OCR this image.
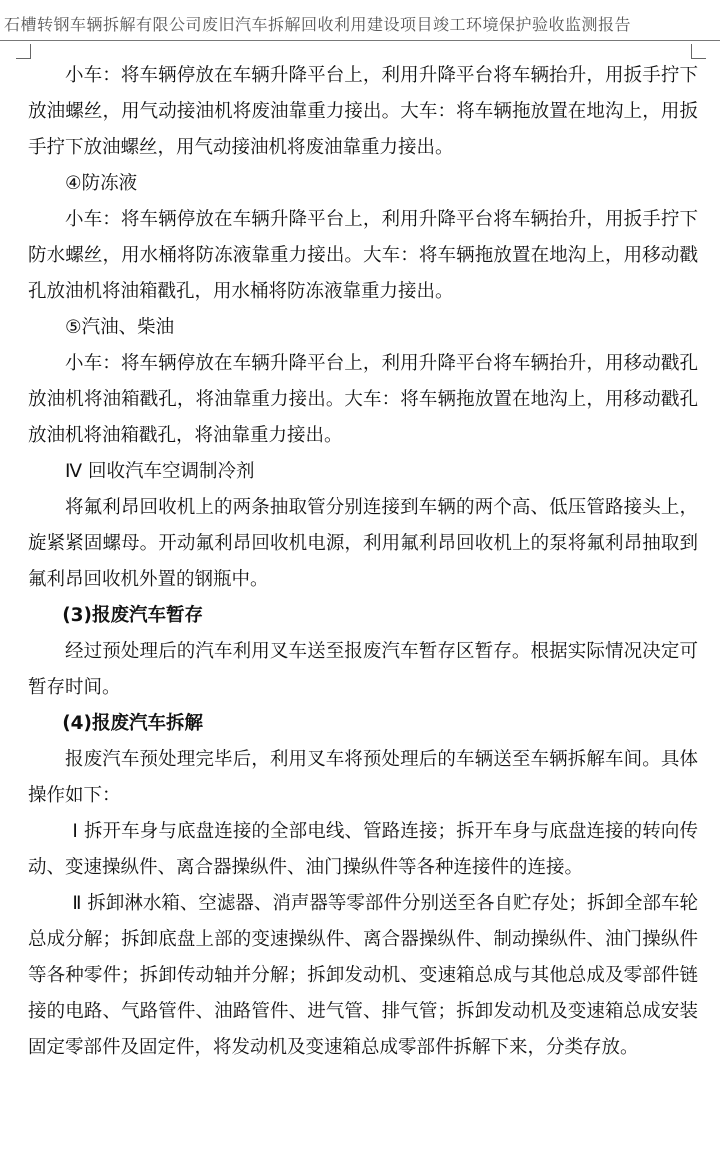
石槽转钢车辆拆解有限公司废旧汽车拆解回收利用建设项目竣工环境保护验收监测报告

小车：将车辆停放在车辆升降平台上，利用升降平台将车辆抬升，用扳手拧下放油螺丝，用气动接油机将废油靠重力接出。大车：将车辆拖放置在地沟上，用扳手拧下放油螺丝，用气动接油机将废油靠重力接出。

④防冻液

小车：将车辆停放在车辆升降平台上，利用升降平台将车辆抬升，用扳手拧下防水螺丝，用水桶将防冻液靠重力接出。大车：将车辆拖放置在地沟上，用移动戳孔放油机将油箱戳孔，用水桶将防冻液靠重力接出。

⑤汽油、柴油

小车：将车辆停放在车辆升降平台上，利用升降平台将车辆抬升，用移动戳孔放油机将油箱戳孔，将油靠重力接出。大车：将车辆拖放置在地沟上，用移动戳孔放油机将油箱戳孔，将油靠重力接出。

Ⅳ 回收汽车空调制冷剂

将氟利昂回收机上的两条抽取管分别连接到车辆的两个高、低压管路接头上，旋紧紧固螺母。开动氟利昂回收机电源，利用氟利昂回收机上的泵将氟利昂抽取到氟利昂回收机外置的钢瓶中。

(3)报废汽车暂存

经过预处理后的汽车利用叉车送至报废汽车暂存区暂存。根据实际情况决定可暂存时间。

(4)报废汽车拆解

报废汽车预处理完毕后，利用叉车将预处理后的车辆送至车辆拆解车间。具体操作如下：

Ⅰ 拆开车身与底盘连接的全部电线、管路连接；拆开车身与底盘连接的转向传动、变速操纵件、离合器操纵件、油门操纵件等各种连接件的连接。

Ⅱ 拆卸淋水箱、空滤器、消声器等零部件分别送至各自贮存处；拆卸全部车轮总成分解；拆卸底盘上部的变速操纵件、离合器操纵件、制动操纵件、油门操纵件等各种零件；拆卸传动轴并分解；拆卸发动机、变速箱总成与其他总成及零部件链接的电路、气路管件、油路管件、进气管、排气管；拆卸发动机及变速箱总成安装固定零部件及固定件，将发动机及变速箱总成零部件拆解下来，分类存放。
